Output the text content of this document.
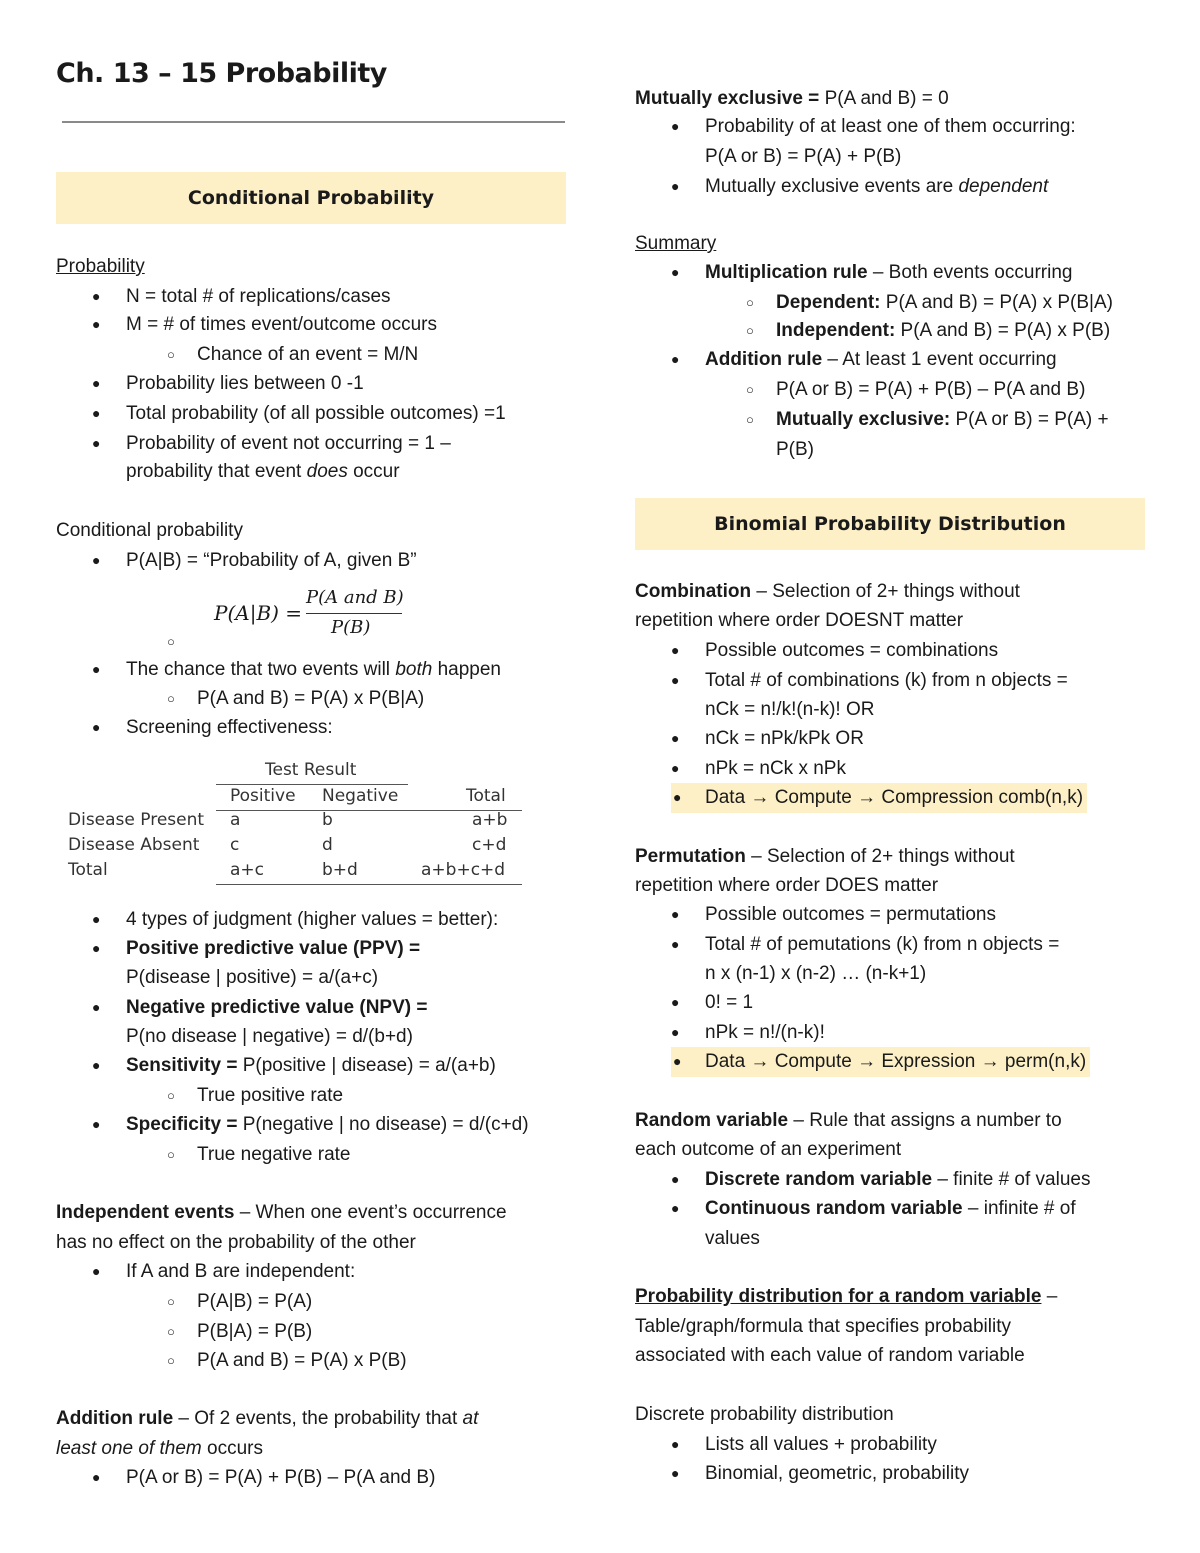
Ch. 13 – 15 Probability
Conditional Probability
Probability
● N = total # of replications/cases
● M = # of times event/outcome occurs
○ Chance of an event = M/N
● Probability lies between 0 -1
● Total probability (of all possible outcomes) =1
● Probability of event not occurring = 1 –
probability that event does occur
Conditional probability
● P(A|B) = “Probability of A, given B”
P(A|B) =
P(A and B)
P(B)
○
● The chance that two events will both happen
○ P(A and B) = P(A) x P(B|A)
● Screening effectiveness:
Test Result
Positive Negative	Total
Disease Present a	b	a+b
Disease Absent c	d	c+d
Total	a+c	b+d	a+b+c+d
● 4 types of judgment (higher values = better):
● Positive predictive value (PPV) =
P(disease | positive) = a/(a+c)
● Negative predictive value (NPV) =
P(no disease | negative) = d/(b+d)
● Sensitivity = P(positive | disease) = a/(a+b)
○ True positive rate
● Specificity = P(negative | no disease) = d/(c+d)
○ True negative rate
Independent events – When one event’s occurrence
has no effect on the probability of the other
● If A and B are independent:
○ P(A|B) = P(A)
○ P(B|A) = P(B)
○ P(A and B) = P(A) x P(B)
Addition rule – Of 2 events, the probability that at
least one of them occurs
● P(A or B) = P(A) + P(B) – P(A and B)
Mutually exclusive = P(A and B) = 0
● Probability of at least one of them occurring:
P(A or B) = P(A) + P(B)
● Mutually exclusive events are dependent
Summary
● Multiplication rule – Both events occurring
○ Dependent: P(A and B) = P(A) x P(B|A)
○ Independent: P(A and B) = P(A) x P(B)
● Addition rule – At least 1 event occurring
○ P(A or B) = P(A) + P(B) – P(A and B)
○ Mutually exclusive: P(A or B) = P(A) +
P(B)
Binomial Probability Distribution
Combination – Selection of 2+ things without
repetition where order DOESNT matter
● Possible outcomes = combinations
● Total # of combinations (k) from n objects =
nCk = n!/k!(n-k)! OR
● nCk = nPk/kPk OR
● nPk = nCk x nPk
● Data → Compute → Compression comb(n,k)
Permutation – Selection of 2+ things without
repetition where order DOES matter
● Possible outcomes = permutations
● Total # of pemutations (k) from n objects =
n x (n-1) x (n-2) … (n-k+1)
● 0! = 1
● nPk = n!/(n-k)!
● Data → Compute → Expression → perm(n,k)
Random variable – Rule that assigns a number to
each outcome of an experiment
● Discrete random variable – finite # of values
● Continuous random variable – infinite # of
values
Probability distribution for a random variable –
Table/graph/formula that specifies probability
associated with each value of random variable
Discrete probability distribution
● Lists all values + probability
● Binomial, geometric, probability
